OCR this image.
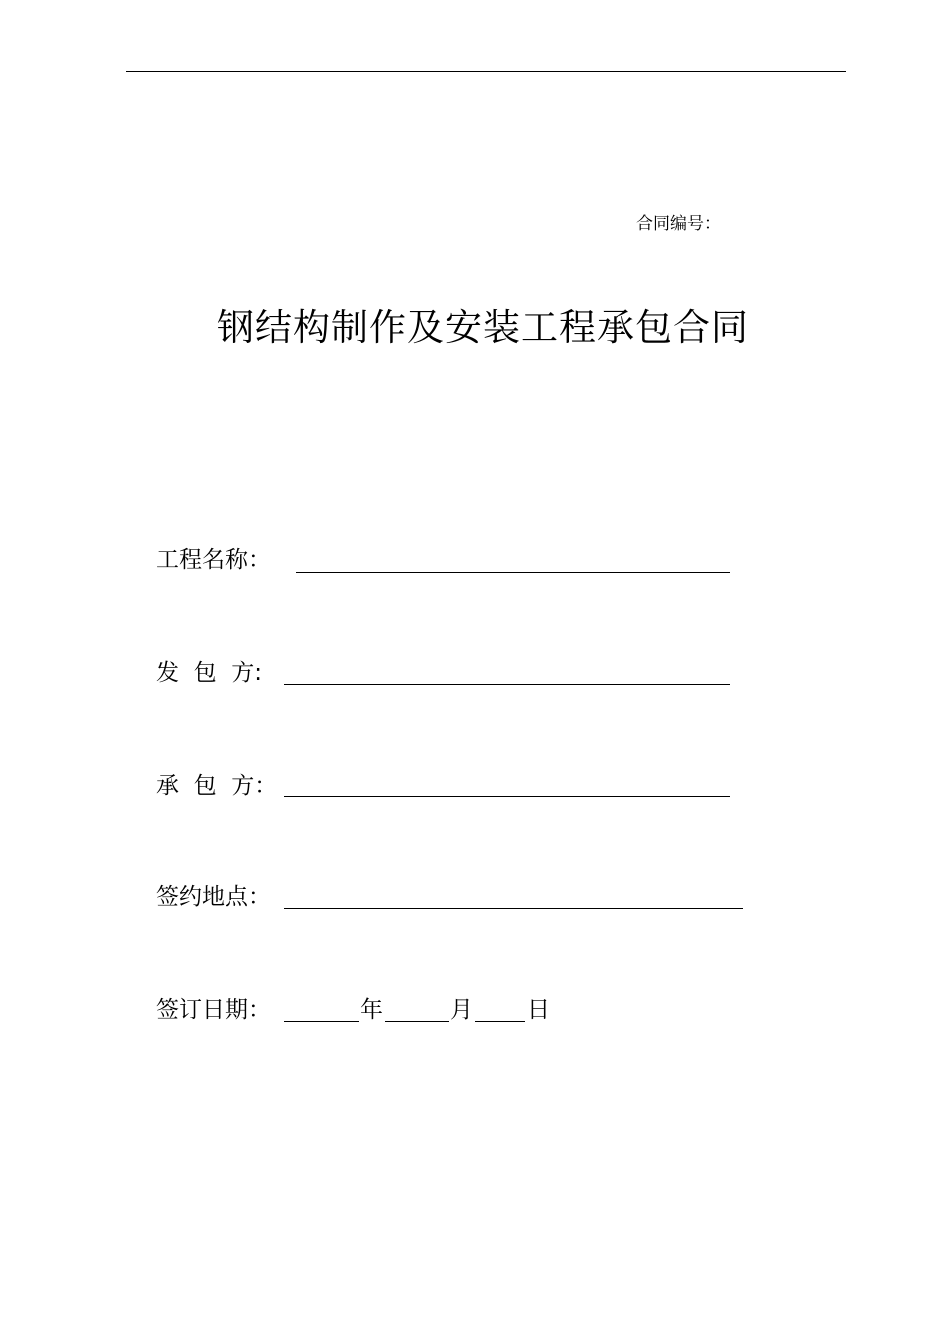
合同编号：
钢结构制作及安装工程承包合同
工程名称：
发  包  方:
承  包  方：
签约地点：
签订日期：	年	月 日
